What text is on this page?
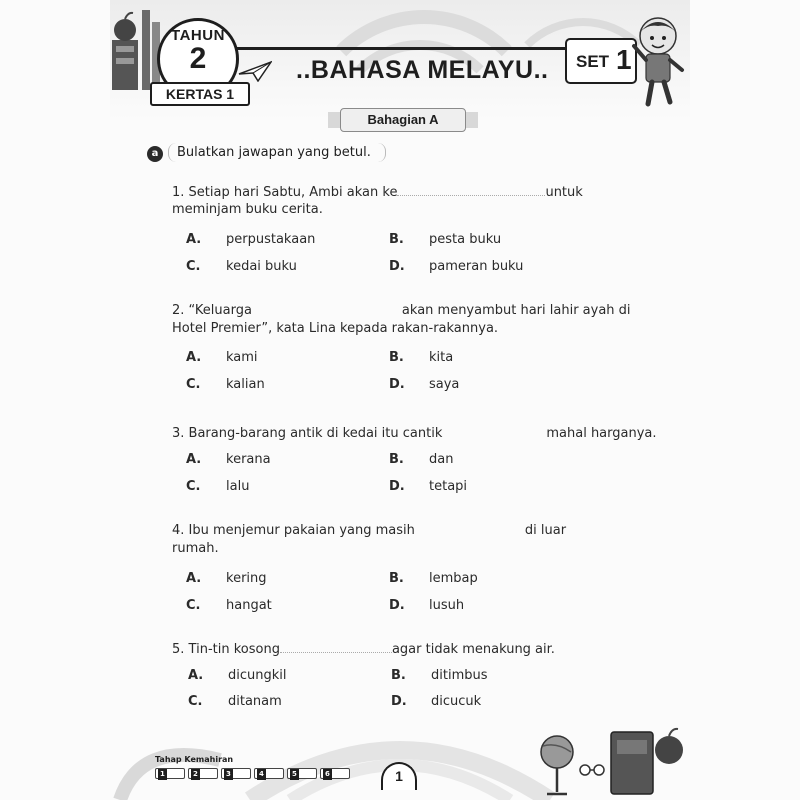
TAHUN
2
KERTAS 1
..BAHASA MELAYU.. SET 1
Bahagian A
a	Bulatkan jawapan yang betul.
1. Setiap hari Sabtu, Ambi akan ke	untuk
meminjam buku cerita.
A. perpustakaan	B. pesta buku
C. kedai buku	D. pameran buku
2. “Keluarga	akan menyambut hari lahir ayah di
Hotel Premier”, kata Lina kepada rakan-rakannya.
A. kami	B. kita
C. kalian	D. saya
3. Barang-barang antik di kedai itu cantik	mahal harganya.
A. kerana	B. dan
C. lalu	D. tetapi
4. Ibu menjemur pakaian yang masih	di luar
rumah.
A. kering	B. lembap
C. hangat	D. lusuh
5. Tin-tin kosong	agar tidak menakung air.
A. dicungkil	B. ditimbus
C. ditanam	D. dicucuk
Tahap Kemahiran
1	2	3	4	5	6	1
